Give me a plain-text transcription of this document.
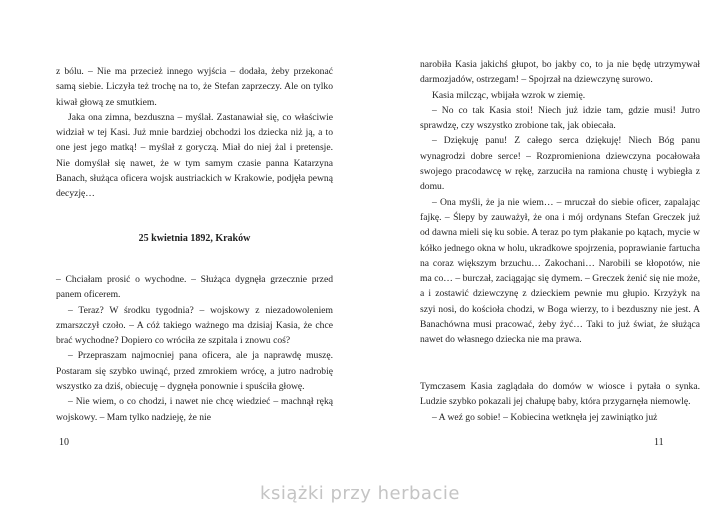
z bólu. – Nie ma przecież innego wyjścia – dodała, żeby przekonać samą siebie. Liczyła też trochę na to, że Stefan zaprzeczy. Ale on tylko kiwał głową ze smutkiem.

Jaka ona zimna, bezduszna – myślał. Zastanawiał się, co właściwie widział w tej Kasi. Już mnie bardziej obchodzi los dziecka niż ją, a to one jest jego matką! – myślał z goryczą. Miał do niej żal i pretensje. Nie domyślał się nawet, że w tym samym czasie panna Katarzyna Banach, służąca oficera wojsk austriackich w Krakowie, podjęła pewną decyzję…

25 kwietnia 1892, Kraków

– Chciałam prosić o wychodne. – Służąca dygnęła grzecznie przed panem oficerem.

– Teraz? W środku tygodnia? – wojskowy z niezadowoleniem zmarszczył czoło. – A cóż takiego ważnego ma dzisiaj Kasia, że chce brać wychodne? Dopiero co wróciła ze szpitala i znowu coś?

– Przepraszam najmocniej pana oficera, ale ja naprawdę muszę. Postaram się szybko uwinąć, przed zmrokiem wrócę, a jutro nadrobię wszystko za dziś, obiecuję – dygnęła ponownie i spuściła głowę.

– Nie wiem, o co chodzi, i nawet nie chcę wiedzieć – machnął ręką wojskowy. – Mam tylko nadzieję, że nie

10

narobiła Kasia jakichś głupot, bo jakby co, to ja nie będę utrzymywał darmozjadów, ostrzegam! – Spojrzał na dziewczynę surowo.

Kasia milcząc, wbijała wzrok w ziemię.

– No co tak Kasia stoi! Niech już idzie tam, gdzie musi! Jutro sprawdzę, czy wszystko zrobione tak, jak obiecała.

– Dziękuję panu! Z całego serca dziękuję! Niech Bóg panu wynagrodzi dobre serce! – Rozpromieniona dziewczyna pocałowała swojego pracodawcę w rękę, zarzuciła na ramiona chustę i wybiegła z domu.

– Ona myśli, że ja nie wiem… – mruczał do siebie oficer, zapalając fajkę. – Ślepy by zauważył, że ona i mój ordynans Stefan Greczek już od dawna mieli się ku sobie. A teraz po tym płakanie po kątach, mycie w kółko jednego okna w holu, ukradkowe spojrzenia, poprawianie fartucha na coraz większym brzuchu… Zakochani… Narobili se kłopotów, nie ma co… – burczał, zaciągając się dymem. – Greczek żenić się nie może, a i zostawić dziewczynę z dzieckiem pewnie mu głupio. Krzyżyk na szyi nosi, do kościoła chodzi, w Boga wierzy, to i bezduszny nie jest. A Banachówna musi pracować, żeby żyć… Taki to już świat, że służąca nawet do własnego dziecka nie ma prawa.

Tymczasem Kasia zaglądała do domów w wiosce i pytała o synka. Ludzie szybko pokazali jej chałupę baby, która przygarnęła niemowlę.

– A weź go sobie! – Kobiecina wetknęła jej zawiniątko już

11
książki przy herbacie
